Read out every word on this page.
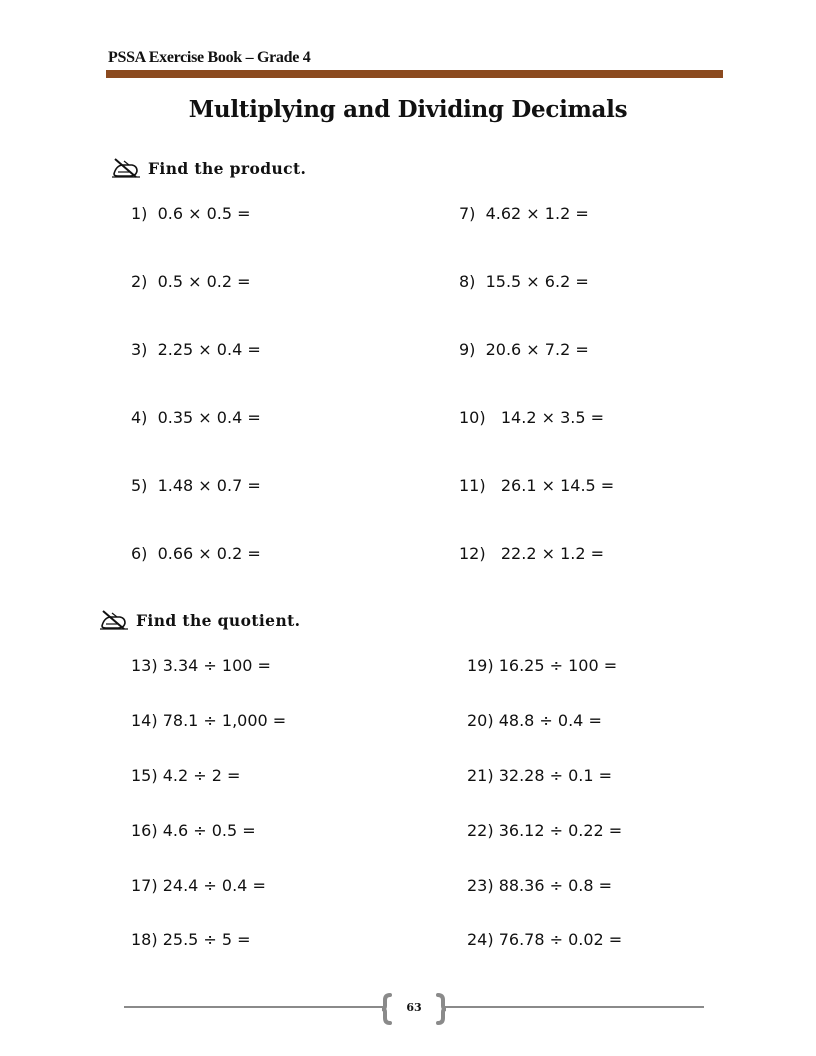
PSSA Exercise Book – Grade 4
Multiplying and Dividing Decimals
Find the product.
1) 0.6 × 0.5 =
2) 0.5 × 0.2 =
3) 2.25 × 0.4 =
4) 0.35 × 0.4 =
5) 1.48 × 0.7 =
6) 0.66 × 0.2 =
7) 4.62 × 1.2 =
8) 15.5 × 6.2 =
9) 20.6 × 7.2 =
10) 14.2 × 3.5 =
11) 26.1 × 14.5 =
12) 22.2 × 1.2 =
Find the quotient.
13) 3.34 ÷ 100 =
14) 78.1 ÷ 1,000 =
15) 4.2 ÷ 2 =
16) 4.6 ÷ 0.5 =
17) 24.4 ÷ 0.4 =
18) 25.5 ÷ 5 =
19) 16.25 ÷ 100 =
20) 48.8 ÷ 0.4 =
21) 32.28 ÷ 0.1 =
22) 36.12 ÷ 0.22 =
23) 88.36 ÷ 0.8 =
24) 76.78 ÷ 0.02 =
63
